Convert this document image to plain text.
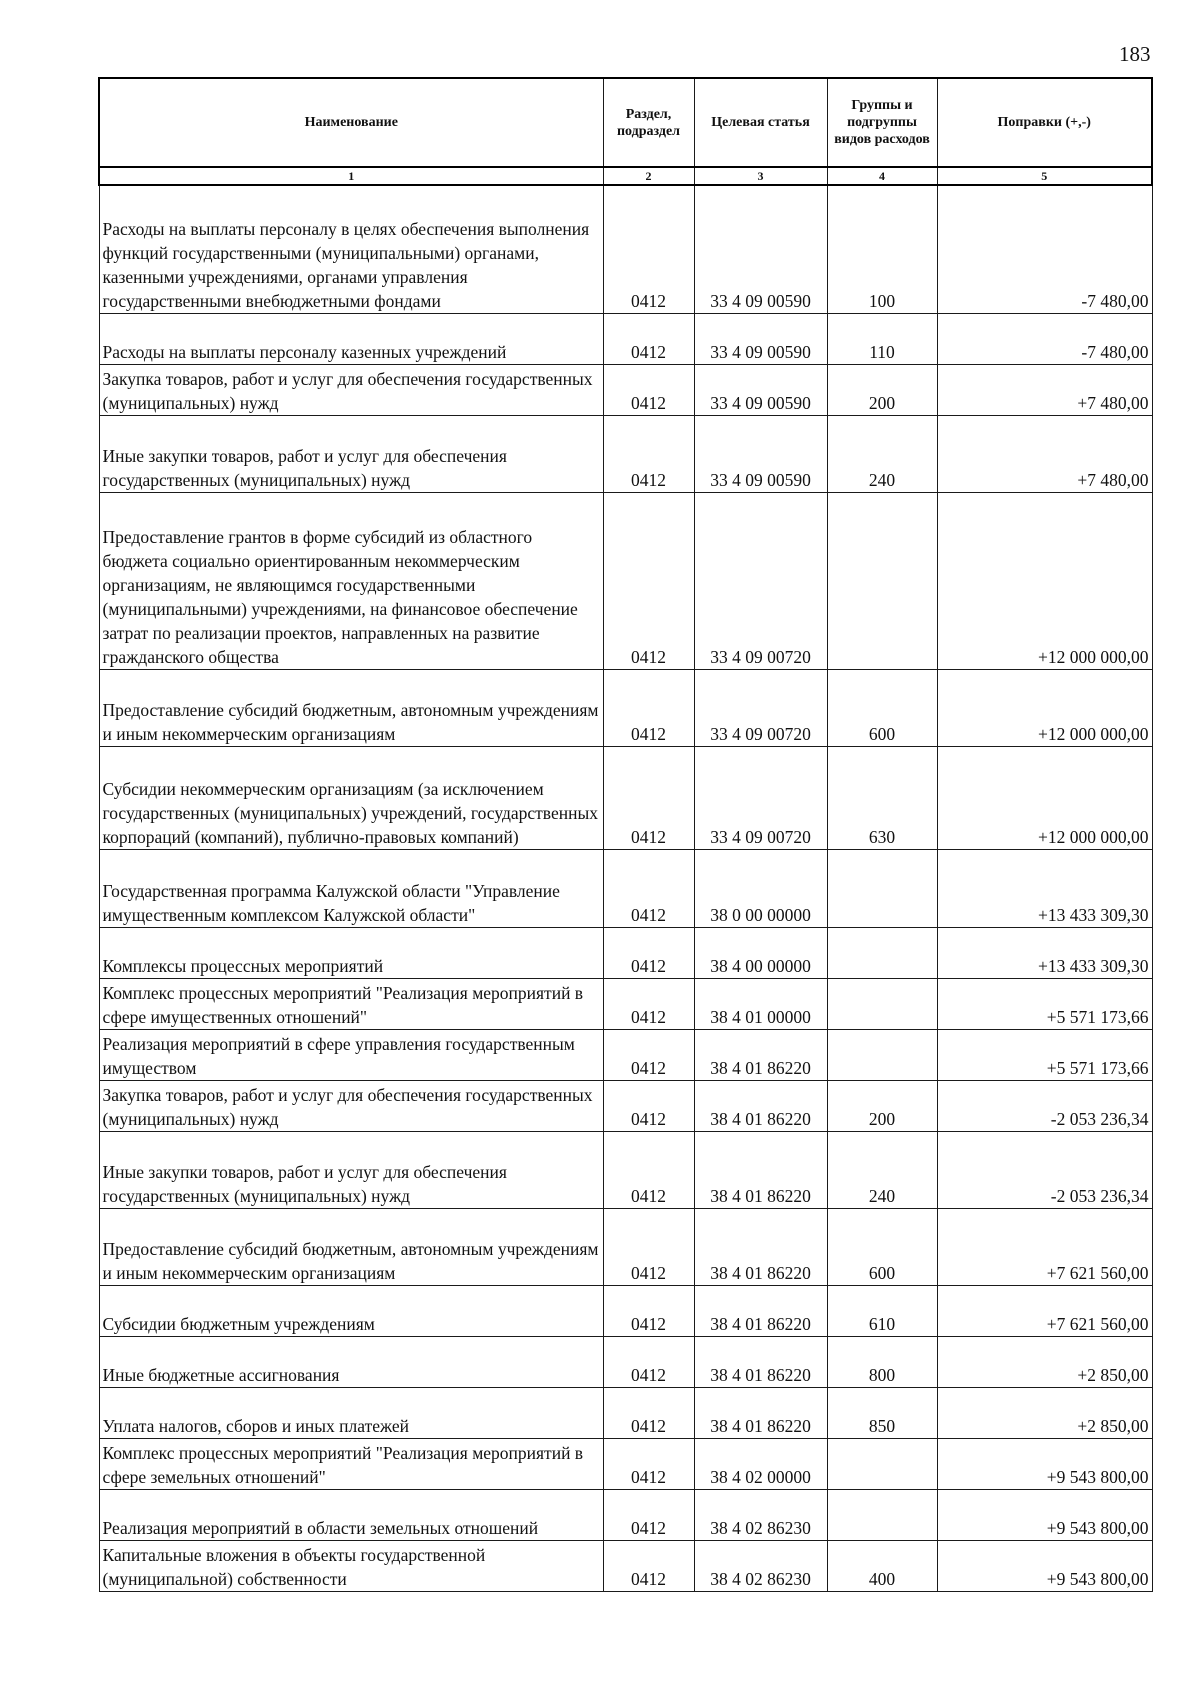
183
Наименование	Раздел, подраздел	Целевая статья	Группы и подгруппы видов расходов	Поправки (+,-)
1	2	3	4	5
Расходы на выплаты персоналу в целях обеспечения выполнения функций государственными (муниципальными) органами, казенными учреждениями, органами управления государственными внебюджетными фондами	0412	33 4 09 00590	100	-7 480,00
Расходы на выплаты персоналу казенных учреждений	0412	33 4 09 00590	110	-7 480,00
Закупка товаров, работ и услуг для обеспечения государственных (муниципальных) нужд	0412	33 4 09 00590	200	+7 480,00
Иные закупки товаров, работ и услуг для обеспечения государственных (муниципальных) нужд	0412	33 4 09 00590	240	+7 480,00
Предоставление грантов в форме субсидий из областного бюджета социально ориентированным некоммерческим организациям, не являющимся государственными (муниципальными) учреждениями, на финансовое обеспечение затрат по реализации проектов, направленных на развитие гражданского общества	0412	33 4 09 00720		+12 000 000,00
Предоставление субсидий бюджетным, автономным учреждениям и иным некоммерческим организациям	0412	33 4 09 00720	600	+12 000 000,00
Субсидии некоммерческим организациям (за исключением государственных (муниципальных) учреждений, государственных корпораций (компаний), публично-правовых компаний)	0412	33 4 09 00720	630	+12 000 000,00
Государственная программа Калужской области "Управление имущественным комплексом Калужской области"	0412	38 0 00 00000		+13 433 309,30
Комплексы процессных мероприятий	0412	38 4 00 00000		+13 433 309,30
Комплекс процессных мероприятий "Реализация мероприятий в сфере имущественных отношений"	0412	38 4 01 00000		+5 571 173,66
Реализация мероприятий в сфере управления государственным имуществом	0412	38 4 01 86220		+5 571 173,66
Закупка товаров, работ и услуг для обеспечения государственных (муниципальных) нужд	0412	38 4 01 86220	200	-2 053 236,34
Иные закупки товаров, работ и услуг для обеспечения государственных (муниципальных) нужд	0412	38 4 01 86220	240	-2 053 236,34
Предоставление субсидий бюджетным, автономным учреждениям и иным некоммерческим организациям	0412	38 4 01 86220	600	+7 621 560,00
Субсидии бюджетным учреждениям	0412	38 4 01 86220	610	+7 621 560,00
Иные бюджетные ассигнования	0412	38 4 01 86220	800	+2 850,00
Уплата налогов, сборов и иных платежей	0412	38 4 01 86220	850	+2 850,00
Комплекс процессных мероприятий "Реализация мероприятий в сфере земельных отношений"	0412	38 4 02 00000		+9 543 800,00
Реализация мероприятий в области земельных отношений	0412	38 4 02 86230		+9 543 800,00
Капитальные вложения в объекты государственной (муниципальной) собственности	0412	38 4 02 86230	400	+9 543 800,00
